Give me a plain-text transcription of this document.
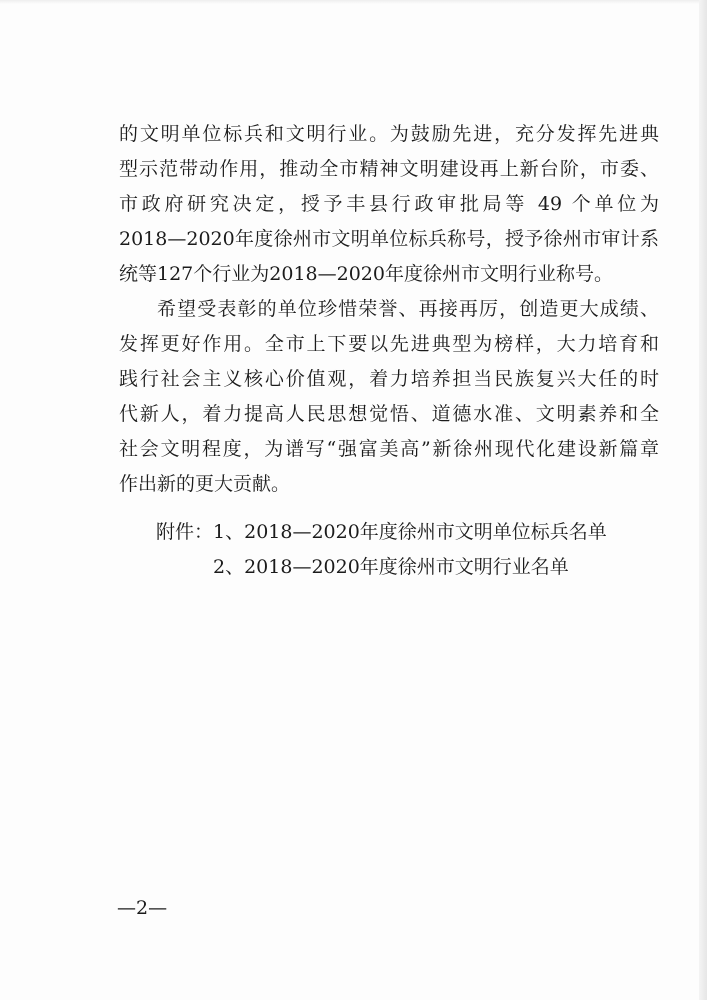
的文明单位标兵和文明行业。为鼓励先进，充分发挥先进典
型示范带动作用，推动全市精神文明建设再上新台阶，市委、
市政府研究决定，授予丰县行政审批局等 49 个单位为
2018—2020年度徐州市文明单位标兵称号，授予徐州市审计系
统等127个行业为2018—2020年度徐州市文明行业称号。
希望受表彰的单位珍惜荣誉、再接再厉，创造更大成绩、
发挥更好作用。全市上下要以先进典型为榜样，大力培育和
践行社会主义核心价值观，着力培养担当民族复兴大任的时
代新人，着力提高人民思想觉悟、道德水准、文明素养和全
社会文明程度，为谱写“强富美高”新徐州现代化建设新篇章
作出新的更大贡献。
附件：1、2018—2020年度徐州市文明单位标兵名单
2、2018—2020年度徐州市文明行业名单
—2—
